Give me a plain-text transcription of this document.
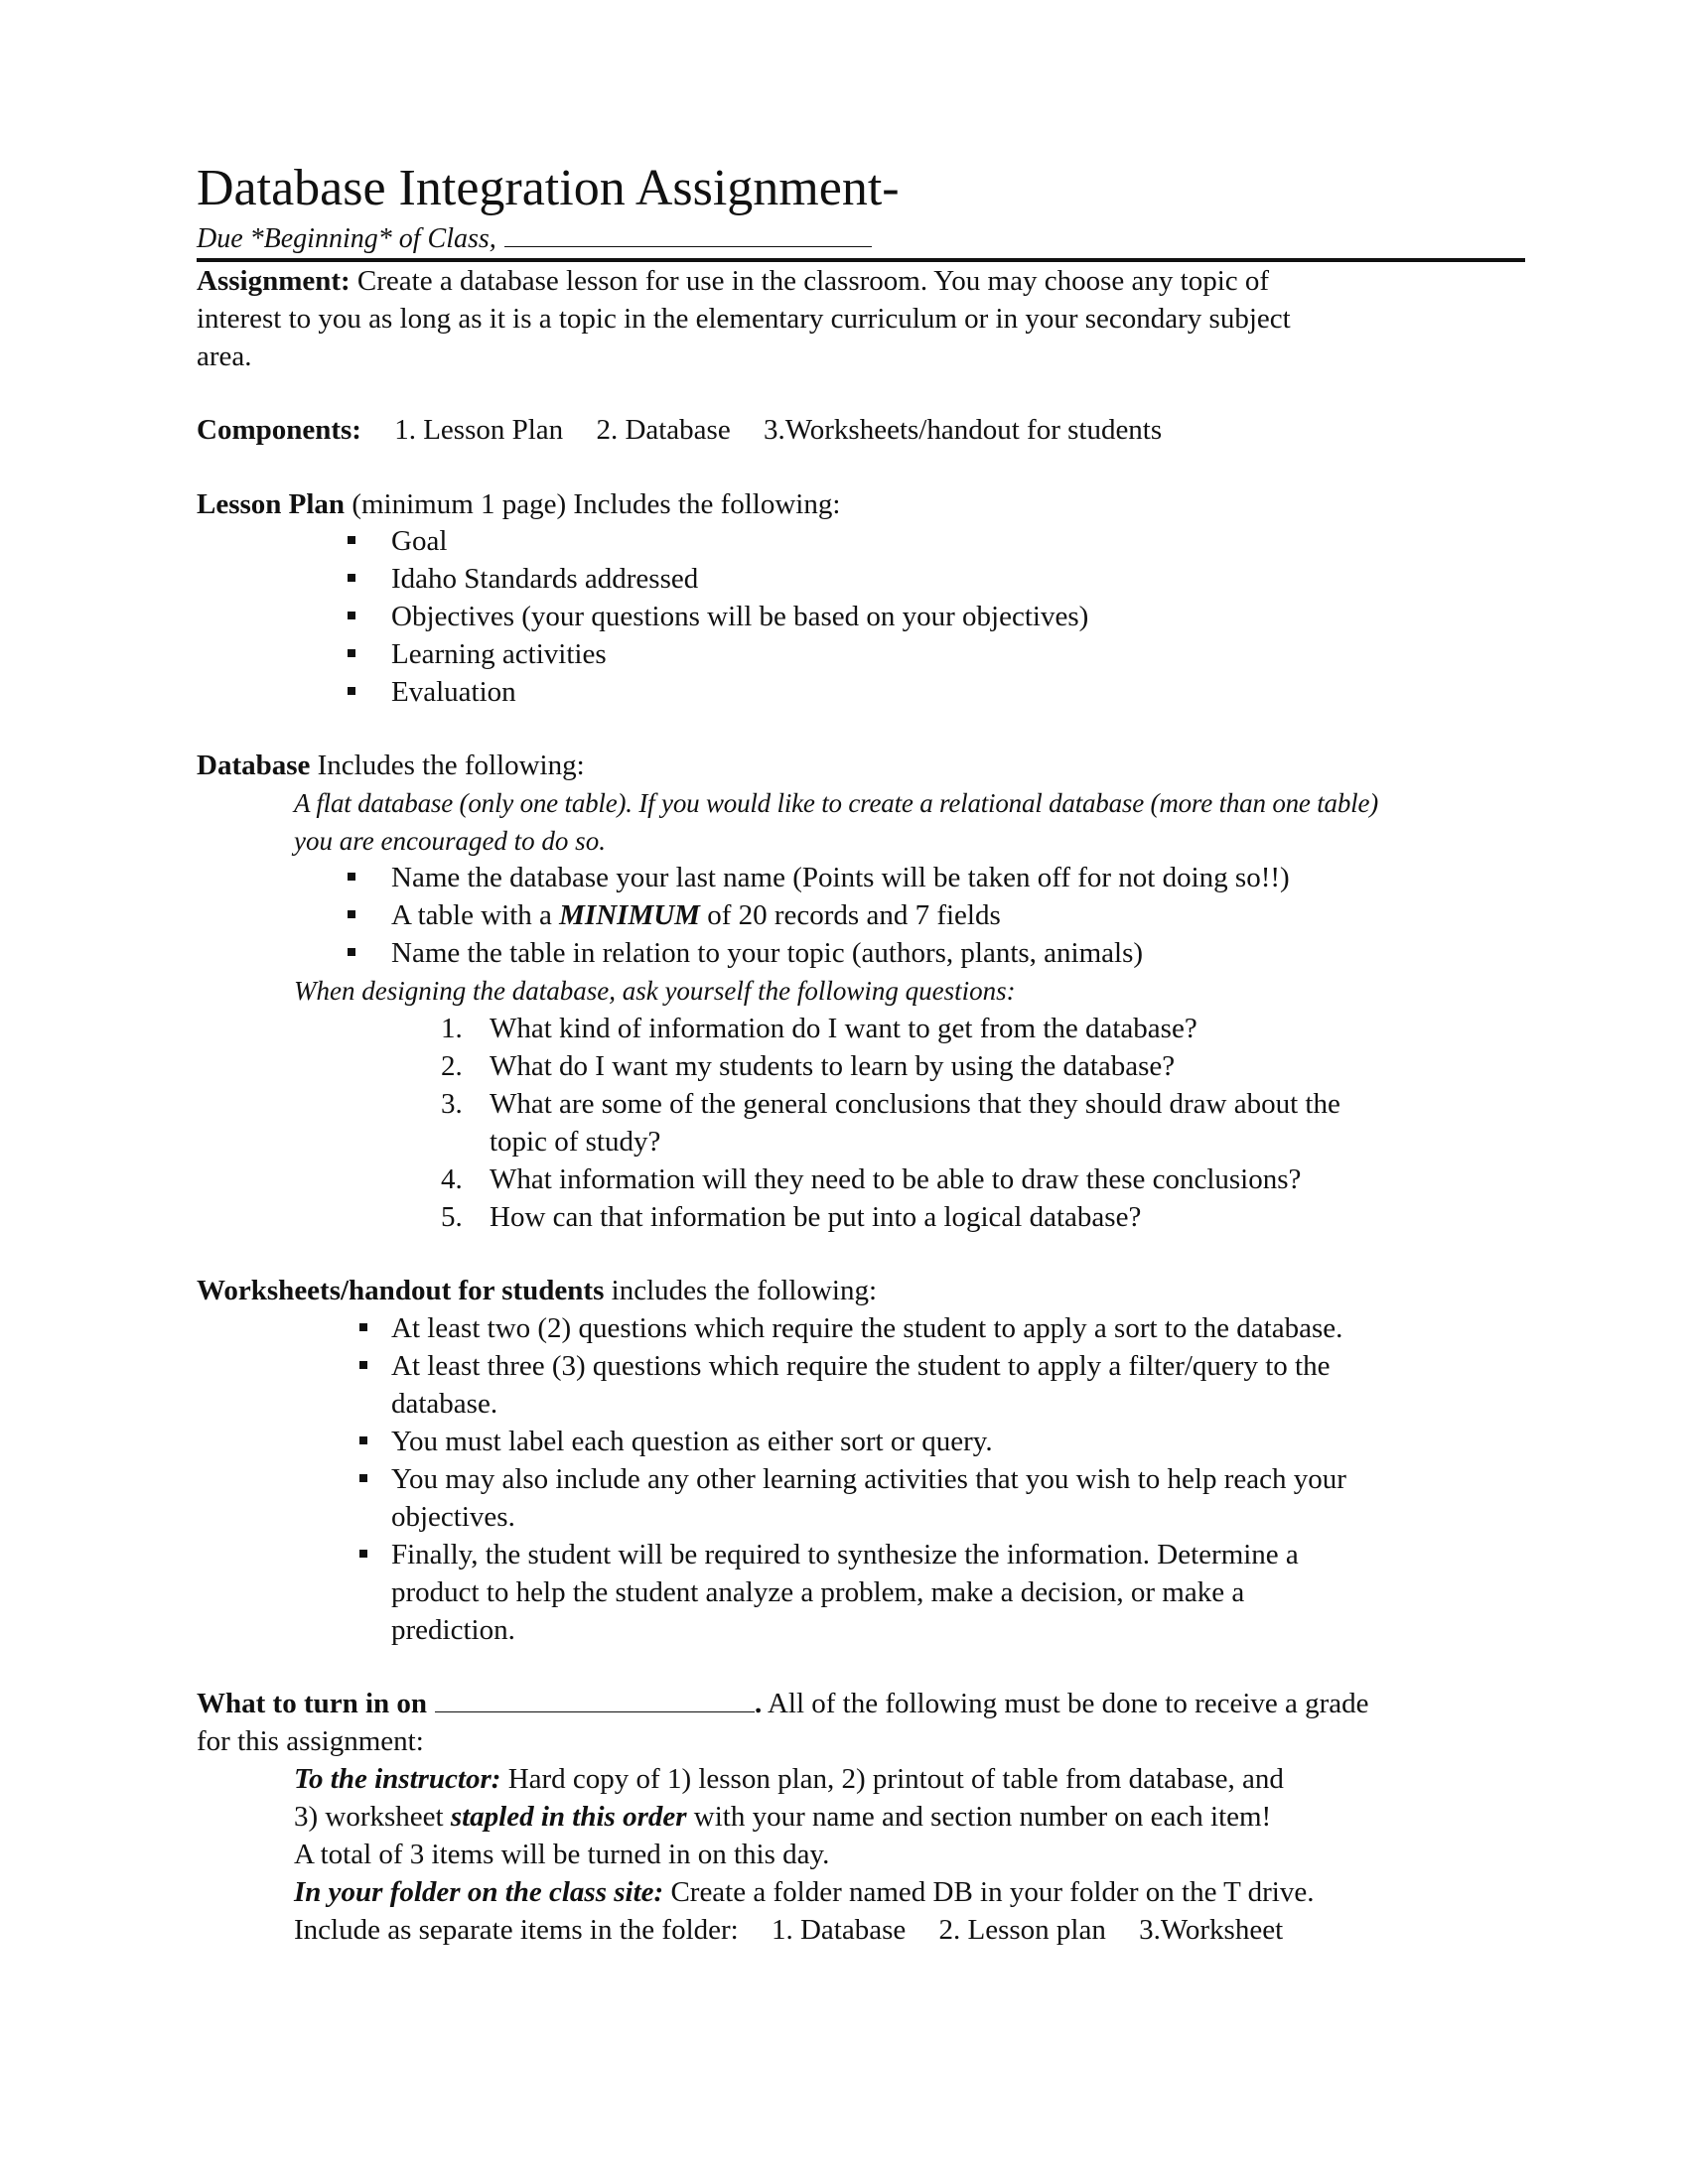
Database Integration Assignment-
Due *Beginning* of Class,
Assignment: Create a database lesson for use in the classroom. You may choose any topic of
interest to you as long as it is a topic in the elementary curriculum or in your secondary subject
area.
Components: 1. Lesson Plan 2. Database 3.Worksheets/handout for students
Lesson Plan (minimum 1 page) Includes the following:
Goal
Idaho Standards addressed
Objectives (your questions will be based on your objectives)
Learning activities
Evaluation
Database Includes the following:
A flat database (only one table). If you would like to create a relational database (more than one table)
you are encouraged to do so.
Name the database your last name (Points will be taken off for not doing so!!)
A table with a MINIMUM of 20 records and 7 fields
Name the table in relation to your topic (authors, plants, animals)
When designing the database, ask yourself the following questions:
1. What kind of information do I want to get from the database?
2. What do I want my students to learn by using the database?
3. What are some of the general conclusions that they should draw about the
topic of study?
4. What information will they need to be able to draw these conclusions?
5. How can that information be put into a logical database?
Worksheets/handout for students includes the following:
At least two (2) questions which require the student to apply a sort to the database.
At least three (3) questions which require the student to apply a filter/query to the
database.
You must label each question as either sort or query.
You may also include any other learning activities that you wish to help reach your
objectives.
Finally, the student will be required to synthesize the information. Determine a
product to help the student analyze a problem, make a decision, or make a
prediction.
What to turn in on	. All of the following must be done to receive a grade
for this assignment:
To the instructor: Hard copy of 1) lesson plan, 2) printout of table from database, and
3) worksheet stapled in this order with your name and section number on each item!
A total of 3 items will be turned in on this day.
In your folder on the class site: Create a folder named DB in your folder on the T drive.
Include as separate items in the folder: 1. Database 2. Lesson plan 3.Worksheet
